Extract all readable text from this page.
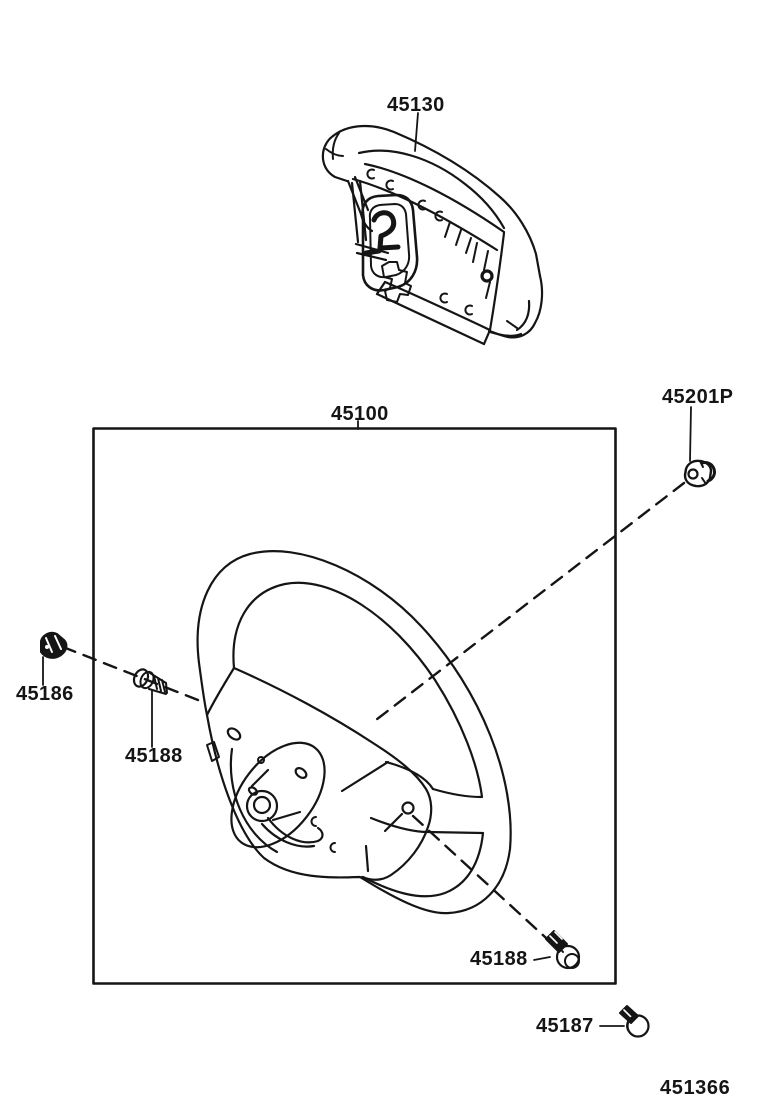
45130
45100
45201P
45186
45188
45188
45187
451366
